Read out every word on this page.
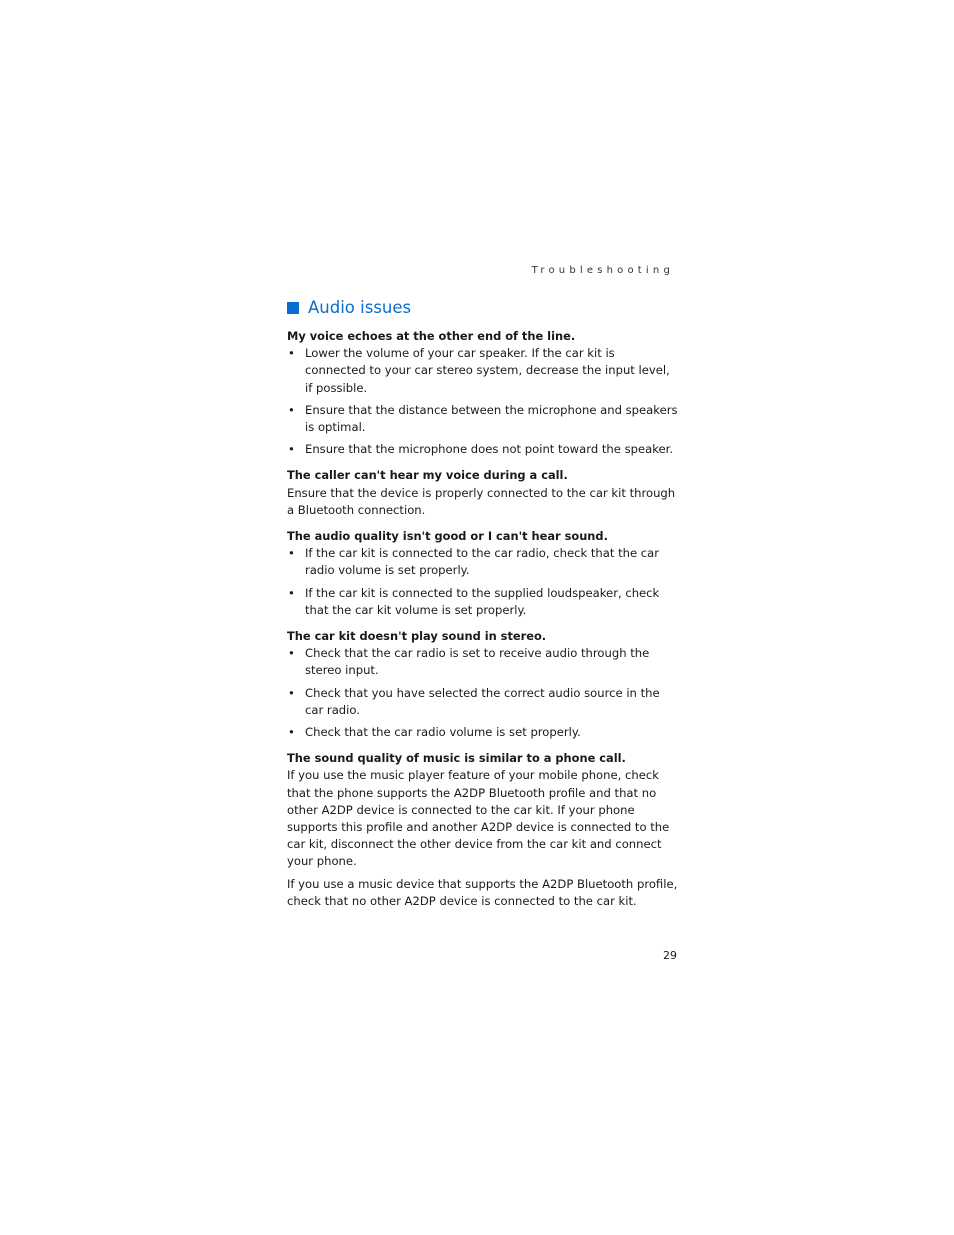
Troubleshooting
Audio issues

My voice echoes at the other end of the line.

• Lower the volume of your car speaker. If the car kit is connected to your car stereo system, decrease the input level, if possible.
• Ensure that the distance between the microphone and speakers is optimal.
• Ensure that the microphone does not point toward the speaker.

The caller can't hear my voice during a call.

Ensure that the device is properly connected to the car kit through a Bluetooth connection.

The audio quality isn't good or I can't hear sound.

• If the car kit is connected to the car radio, check that the car radio volume is set properly.
• If the car kit is connected to the supplied loudspeaker, check that the car kit volume is set properly.

The car kit doesn't play sound in stereo.

• Check that the car radio is set to receive audio through the stereo input.
• Check that you have selected the correct audio source in the car radio.
• Check that the car radio volume is set properly.

The sound quality of music is similar to a phone call.

If you use the music player feature of your mobile phone, check that the phone supports the A2DP Bluetooth profile and that no other A2DP device is connected to the car kit. If your phone supports this profile and another A2DP device is connected to the car kit, disconnect the other device from the car kit and connect your phone.

If you use a music device that supports the A2DP Bluetooth profile, check that no other A2DP device is connected to the car kit.

29
